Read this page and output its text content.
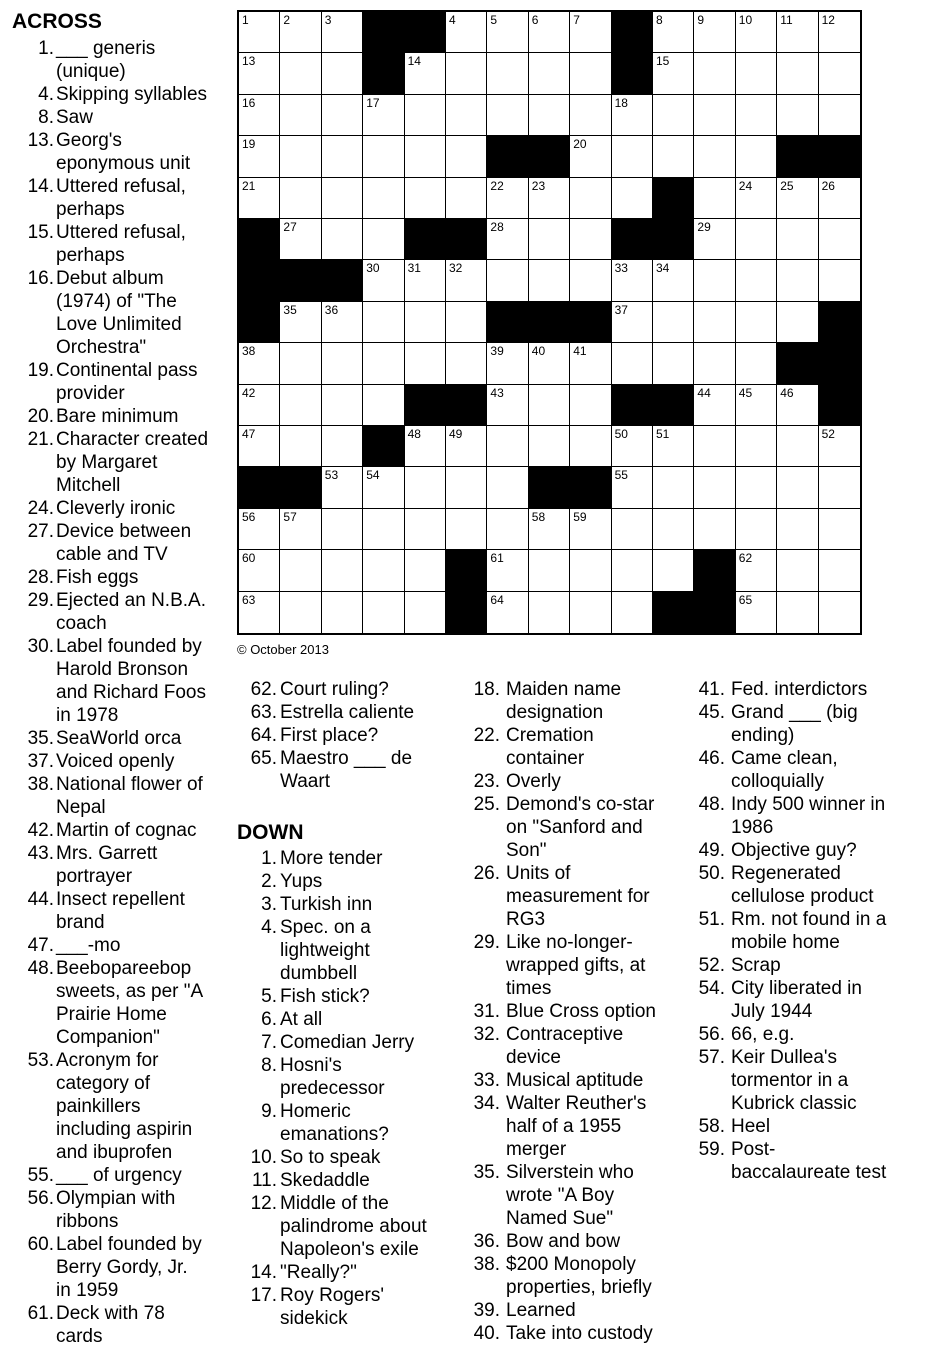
ACROSS
1. ___ generis
(unique)
4. Skipping syllables
8. Saw
13. Georg's
eponymous unit
14. Uttered refusal,
perhaps
15. Uttered refusal,
perhaps
16. Debut album
(1974) of "The
Love Unlimited
Orchestra"
19. Continental pass
provider
20. Bare minimum
21. Character created
by Margaret
Mitchell
24. Cleverly ironic
27. Device between
cable and TV
28. Fish eggs
29. Ejected an N.B.A.
coach
30. Label founded by
Harold Bronson
and Richard Foos
in 1978
35. SeaWorld orca
37. Voiced openly
38. National flower of
Nepal
42. Martin of cognac
43. Mrs. Garrett
portrayer
44. Insect repellent
brand
47. ___-mo
48. Beebopareebop
sweets, as per "A
Prairie Home
Companion"
53. Acronym for
category of
painkillers
including aspirin
and ibuprofen
55. ___ of urgency
56. Olympian with
ribbons
60. Label founded by
Berry Gordy, Jr.
in 1959
61. Deck with 78
cards
1	2	3	4	5	6	7	8	9	10 11 12
13	14	15
16	17	18
19	20
21	22 23	24 25 26
27	28	29
30 31 32	33 34
35 36	37
38	39 40 41
42	43	44 45 46
47	48 49	50 51	52
53 54	55
56 57	58 59
60	61	62
63	64	65
© October 2013
62. Court ruling?
63. Estrella caliente
64. First place?
65. Maestro ___ de
Waart
DOWN
1. More tender
2. Yups
3. Turkish inn
4. Spec. on a
lightweight
dumbbell
5. Fish stick?
6. At all
7. Comedian Jerry
8. Hosni's
predecessor
9. Homeric
emanations?
10. So to speak
11. Skedaddle
12. Middle of the
palindrome about
Napoleon's exile
14. "Really?"
17. Roy Rogers'
sidekick
18. Maiden name
designation
22. Cremation
container
23. Overly
25. Demond's co-star
on "Sanford and
Son"
26. Units of
measurement for
RG3
29. Like no-longer-
wrapped gifts, at
times
31. Blue Cross option
32. Contraceptive
device
33. Musical aptitude
34. Walter Reuther's
half of a 1955
merger
35. Silverstein who
wrote "A Boy
Named Sue"
36. Bow and bow
38. $200 Monopoly
properties, briefly
39. Learned
40. Take into custody
41. Fed. interdictors
45. Grand ___ (big
ending)
46. Came clean,
colloquially
48. Indy 500 winner in
1986
49. Objective guy?
50. Regenerated
cellulose product
51. Rm. not found in a
mobile home
52. Scrap
54. City liberated in
July 1944
56. 66, e.g.
57. Keir Dullea's
tormentor in a
Kubrick classic
58. Heel
59. Post-
baccalaureate test
